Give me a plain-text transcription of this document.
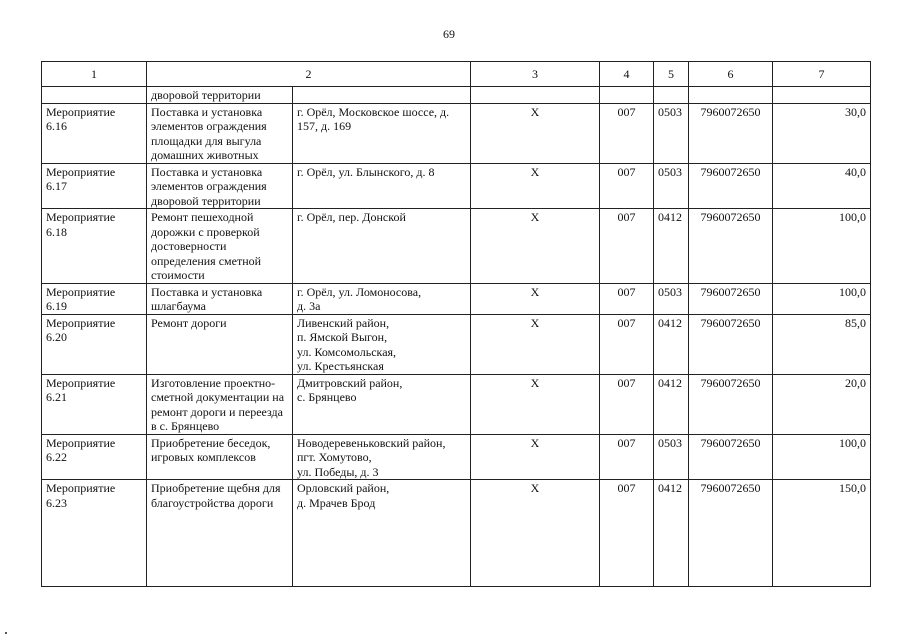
69
1	2		3	4	5	6	7
	дворовой территории						
Мероприятие
6.16	Поставка и установка элементов ограждения площадки для выгула домашних животных	г. Орёл, Московское шоссе, д. 157, д. 169	X	007	0503	7960072650	30,0
Мероприятие
6.17	Поставка и установка элементов ограждения дворовой территории	г. Орёл, ул. Блынского, д. 8	X	007	0503	7960072650	40,0
Мероприятие
6.18	Ремонт пешеходной дорожки с проверкой достоверности определения сметной стоимости	г. Орёл, пер. Донской	X	007	0412	7960072650	100,0
Мероприятие
6.19	Поставка и установка шлагбаума	г. Орёл, ул. Ломоносова,
д. 3а	X	007	0503	7960072650	100,0
Мероприятие
6.20	Ремонт дороги	Ливенский район,
п. Ямской Выгон,
ул. Комсомольская,
ул. Крестьянская	X	007	0412	7960072650	85,0
Мероприятие
6.21	Изготовление проектно-сметной документации на ремонт дороги и переезда в с. Брянцево	Дмитровский район,
с. Брянцево	X	007	0412	7960072650	20,0
Мероприятие
6.22	Приобретение беседок, игровых комплексов	Новодеревеньковский район,
пгт. Хомутово,
ул. Победы, д. 3	X	007	0503	7960072650	100,0
Мероприятие
6.23	Приобретение щебня для благоустройства дороги	Орловский район,
д. Мрачев Брод	X	007	0412	7960072650	150,0
